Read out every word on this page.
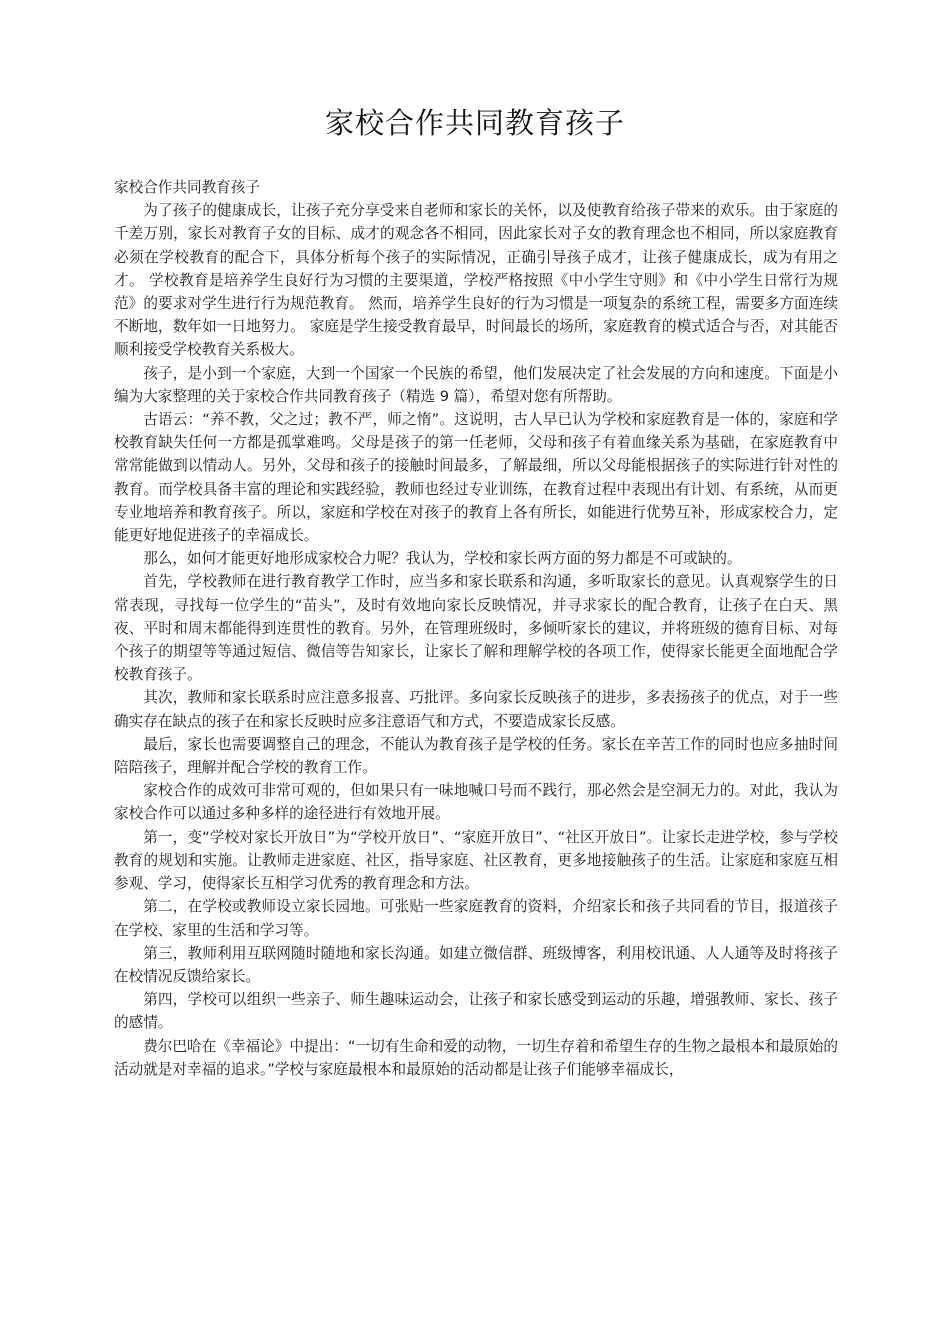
家校合作共同教育孩子

家校合作共同教育孩子

为了孩子的健康成长，让孩子充分享受来自老师和家长的关怀，以及使教育给孩子带来的欢乐。由于家庭的千差万别，家长对教育子女的目标、成才的观念各不相同，因此家长对子女的教育理念也不相同，所以家庭教育必须在学校教育的配合下，具体分析每个孩子的实际情况，正确引导孩子成才，让孩子健康成长，成为有用之才。 学校教育是培养学生良好行为习惯的主要渠道，学校严格按照《中小学生守则》和《中小学生日常行为规范》的要求对学生进行行为规范教育。 然而，培养学生良好的行为习惯是一项复杂的系统工程，需要多方面连续不断地，数年如一日地努力。 家庭是学生接受教育最早，时间最长的场所，家庭教育的模式适合与否，对其能否顺利接受学校教育关系极大。

孩子，是小到一个家庭，大到一个国家一个民族的希望，他们发展决定了社会发展的方向和速度。下面是小编为大家整理的关于家校合作共同教育孩子（精选 9 篇），希望对您有所帮助。

古语云：“养不教，父之过；教不严，师之惰”。这说明，古人早已认为学校和家庭教育是一体的，家庭和学校教育缺失任何一方都是孤掌难鸣。父母是孩子的第一任老师，父母和孩子有着血缘关系为基础，在家庭教育中常常能做到以情动人。另外，父母和孩子的接触时间最多，了解最细，所以父母能根据孩子的实际进行针对性的教育。而学校具备丰富的理论和实践经验，教师也经过专业训练，在教育过程中表现出有计划、有系统，从而更专业地培养和教育孩子。所以，家庭和学校在对孩子的教育上各有所长，如能进行优势互补，形成家校合力，定能更好地促进孩子的幸福成长。

那么，如何才能更好地形成家校合力呢？我认为，学校和家长两方面的努力都是不可或缺的。

首先，学校教师在进行教育教学工作时，应当多和家长联系和沟通，多听取家长的意见。认真观察学生的日常表现，寻找每一位学生的“苗头”，及时有效地向家长反映情况，并寻求家长的配合教育，让孩子在白天、黑夜、平时和周末都能得到连贯性的教育。另外，在管理班级时，多倾听家长的建议，并将班级的德育目标、对每个孩子的期望等等通过短信、微信等告知家长，让家长了解和理解学校的各项工作，使得家长能更全面地配合学校教育孩子。

其次，教师和家长联系时应注意多报喜、巧批评。多向家长反映孩子的进步，多表扬孩子的优点，对于一些确实存在缺点的孩子在和家长反映时应多注意语气和方式，不要造成家长反感。

最后，家长也需要调整自己的理念，不能认为教育孩子是学校的任务。家长在辛苦工作的同时也应多抽时间陪陪孩子，理解并配合学校的教育工作。

家校合作的成效可非常可观的，但如果只有一味地喊口号而不践行，那必然会是空洞无力的。对此，我认为家校合作可以通过多种多样的途径进行有效地开展。

第一，变“学校对家长开放日”为“学校开放日”、“家庭开放日”、“社区开放日”。让家长走进学校，参与学校教育的规划和实施。让教师走进家庭、社区，指导家庭、社区教育，更多地接触孩子的生活。让家庭和家庭互相参观、学习，使得家长互相学习优秀的教育理念和方法。

第二，在学校或教师设立家长园地。可张贴一些家庭教育的资料，介绍家长和孩子共同看的节目，报道孩子在学校、家里的生活和学习等。

第三，教师利用互联网随时随地和家长沟通。如建立微信群、班级博客，利用校讯通、人人通等及时将孩子在校情况反馈给家长。

第四，学校可以组织一些亲子、师生趣味运动会，让孩子和家长感受到运动的乐趣，增强教师、家长、孩子的感情。

费尔巴哈在《幸福论》中提出：“一切有生命和爱的动物，一切生存着和希望生存的生物之最根本和最原始的活动就是对幸福的追求。”学校与家庭最根本和最原始的活动都是让孩子们能够幸福成长，
